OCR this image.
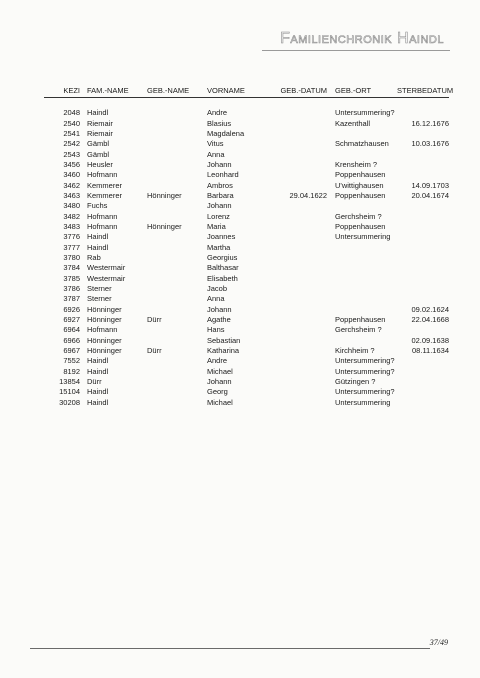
Familienchronik Haindl
KEZI	FAM.-NAME	GEB.-NAME	VORNAME	GEB.-DATUM	GEB.-ORT	STERBEDATUM

2048	Haindl		Andre		Untersummering?	
2540	Riemair		Blasius		Kazenthall	16.12.1676
2541	Riemair		Magdalena			
2542	Gämbl		Vitus		Schmatzhausen	10.03.1676
2543	Gämbl		Anna			
3456	Heusler		Johann		Krensheim ?	
3460	Hofmann		Leonhard		Poppenhausen	
3462	Kemmerer		Ambros		U'wittighausen	14.09.1703
3463	Kemmerer	Hönninger	Barbara	29.04.1622	Poppenhausen	20.04.1674
3480	Fuchs		Johann			
3482	Hofmann		Lorenz		Gerchsheim ?	
3483	Hofmann	Hönninger	Maria		Poppenhausen	
3776	Haindl		Joannes		Untersummering	
3777	Haindl		Martha			
3780	Rab		Georgius			
3784	Westermair		Balthasar			
3785	Westermair		Elisabeth			
3786	Sterner		Jacob			
3787	Sterner		Anna			
6926	Hönninger		Johann			09.02.1624
6927	Hönninger	Dürr	Agathe		Poppenhausen	22.04.1668
6964	Hofmann		Hans		Gerchsheim ?	
6966	Hönninger		Sebastian			02.09.1638
6967	Hönninger	Dürr	Katharina		Kirchheim ?	08.11.1634
7552	Haindl		Andre		Untersummering?	
8192	Haindl		Michael		Untersummering?	
13854	Dürr		Johann		Gützingen ?	
15104	Haindl		Georg		Untersummering?	
30208	Haindl		Michael		Untersummering	
37/49
